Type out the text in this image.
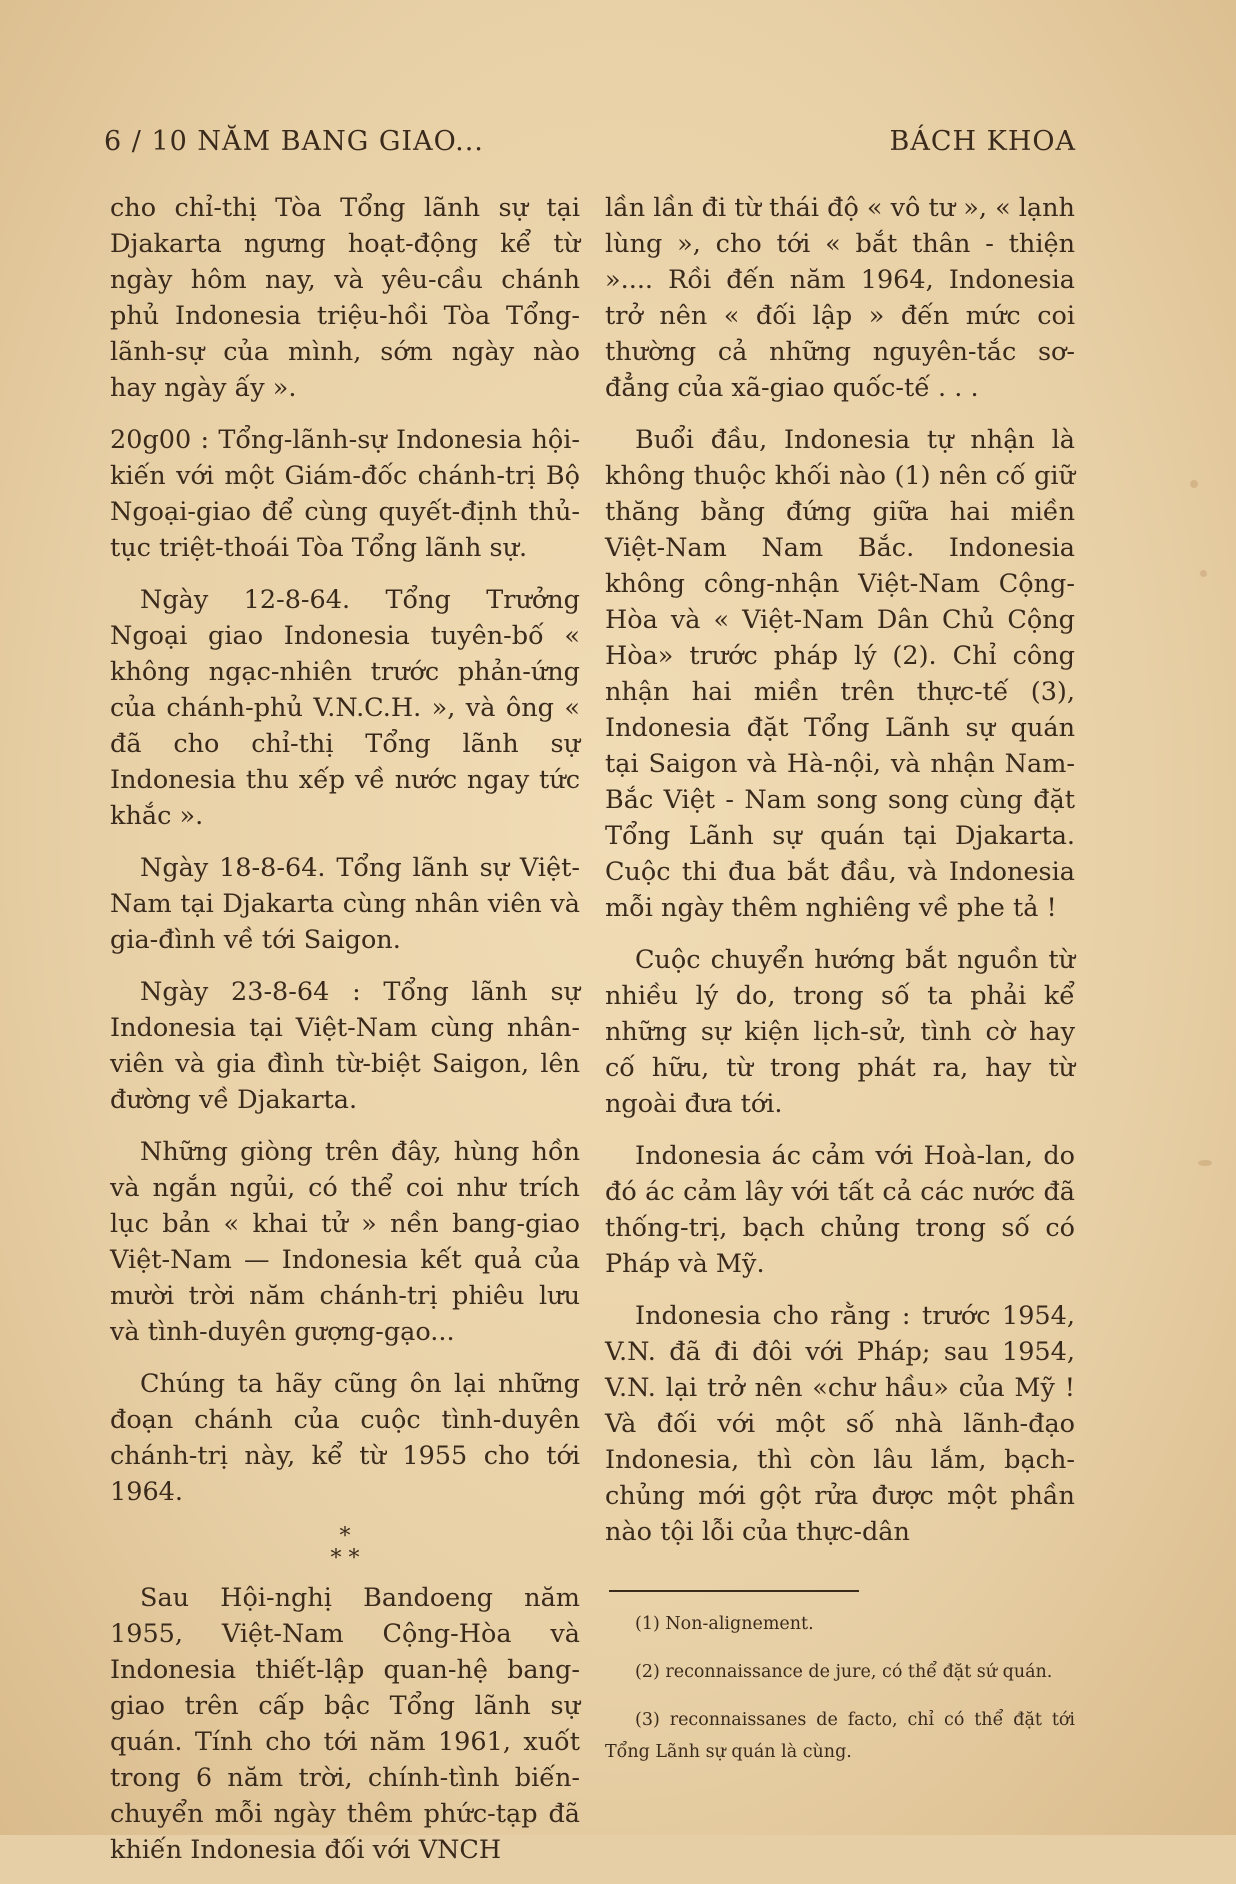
6 / 10 NĂM BANG GIAO...	BÁCH KHOA

cho chỉ-thị Tòa Tổng lãnh sự tại Djakarta ngưng hoạt-động kể từ ngày hôm nay, và yêu-cầu chánh phủ Indonesia triệu-hồi Tòa Tổng-lãnh-sự của mình, sớm ngày nào hay ngày ấy ».

20g00 : Tổng-lãnh-sự Indonesia hội-kiến với một Giám-đốc chánh-trị Bộ Ngoại-giao để cùng quyết-định thủ-tục triệt-thoái Tòa Tổng lãnh sự.

Ngày 12-8-64. Tổng Trưởng Ngoại giao Indonesia tuyên-bố « không ngạc-nhiên trước phản-ứng của chánh-phủ V.N.C.H. », và ông « đã cho chỉ-thị Tổng lãnh sự Indonesia thu xếp về nước ngay tức khắc ».

Ngày 18-8-64. Tổng lãnh sự Việt-Nam tại Djakarta cùng nhân viên và gia-đình về tới Saigon.

Ngày 23-8-64 : Tổng lãnh sự Indonesia tại Việt-Nam cùng nhân-viên và gia đình từ-biệt Saigon, lên đường về Djakarta.

Những giòng trên đây, hùng hồn và ngắn ngủi, có thể coi như trích lục bản « khai tử » nền bang-giao Việt-Nam — Indonesia kết quả của mười trời năm chánh-trị phiêu lưu và tình-duyên gượng-gạo...

Chúng ta hãy cũng ôn lại những đoạn chánh của cuộc tình-duyên chánh-trị này, kể từ 1955 cho tới 1964.

*
* *

Sau Hội-nghị Bandoeng năm 1955, Việt-Nam Cộng-Hòa và Indonesia thiết-lập quan-hệ bang-giao trên cấp bậc Tổng lãnh sự quán. Tính cho tới năm 1961, xuốt trong 6 năm trời, chính-tình biến-chuyển mỗi ngày thêm phức-tạp đã khiến Indonesia đối với VNCH

lần lần đi từ thái độ « vô tư », « lạnh lùng », cho tới « bắt thân - thiện ».... Rồi đến năm 1964, Indonesia trở nên « đối lập » đến mức coi thường cả những nguyên-tắc sơ-đẳng của xã-giao quốc-tế . . .

Buổi đầu, Indonesia tự nhận là không thuộc khối nào (1) nên cố giữ thăng bằng đứng giữa hai miền Việt-Nam Nam Bắc. Indonesia không công-nhận Việt-Nam Cộng-Hòa và « Việt-Nam Dân Chủ Cộng Hòa» trước pháp lý (2). Chỉ công nhận hai miền trên thực-tế (3), Indonesia đặt Tổng Lãnh sự quán tại Saigon và Hà-nội, và nhận Nam-Bắc Việt - Nam song song cùng đặt Tổng Lãnh sự quán tại Djakarta. Cuộc thi đua bắt đầu, và Indonesia mỗi ngày thêm nghiêng về phe tả !

Cuộc chuyển hướng bắt nguồn từ nhiều lý do, trong số ta phải kể những sự kiện lịch-sử, tình cờ hay cố hữu, từ trong phát ra, hay từ ngoài đưa tới.

Indonesia ác cảm với Hoà-lan, do đó ác cảm lây với tất cả các nước đã thống-trị, bạch chủng trong số có Pháp và Mỹ.

Indonesia cho rằng : trước 1954, V.N. đã đi đôi với Pháp; sau 1954, V.N. lại trở nên «chư hầu» của Mỹ ! Và đối với một số nhà lãnh-đạo Indonesia, thì còn lâu lắm, bạch-chủng mới gột rửa được một phần nào tội lỗi của thực-dân

(1) Non-alignement.

(2) reconnaissance de jure, có thể đặt sứ quán.

(3) reconnaissanes de facto, chỉ có thể đặt tới Tổng Lãnh sự quán là cùng.
